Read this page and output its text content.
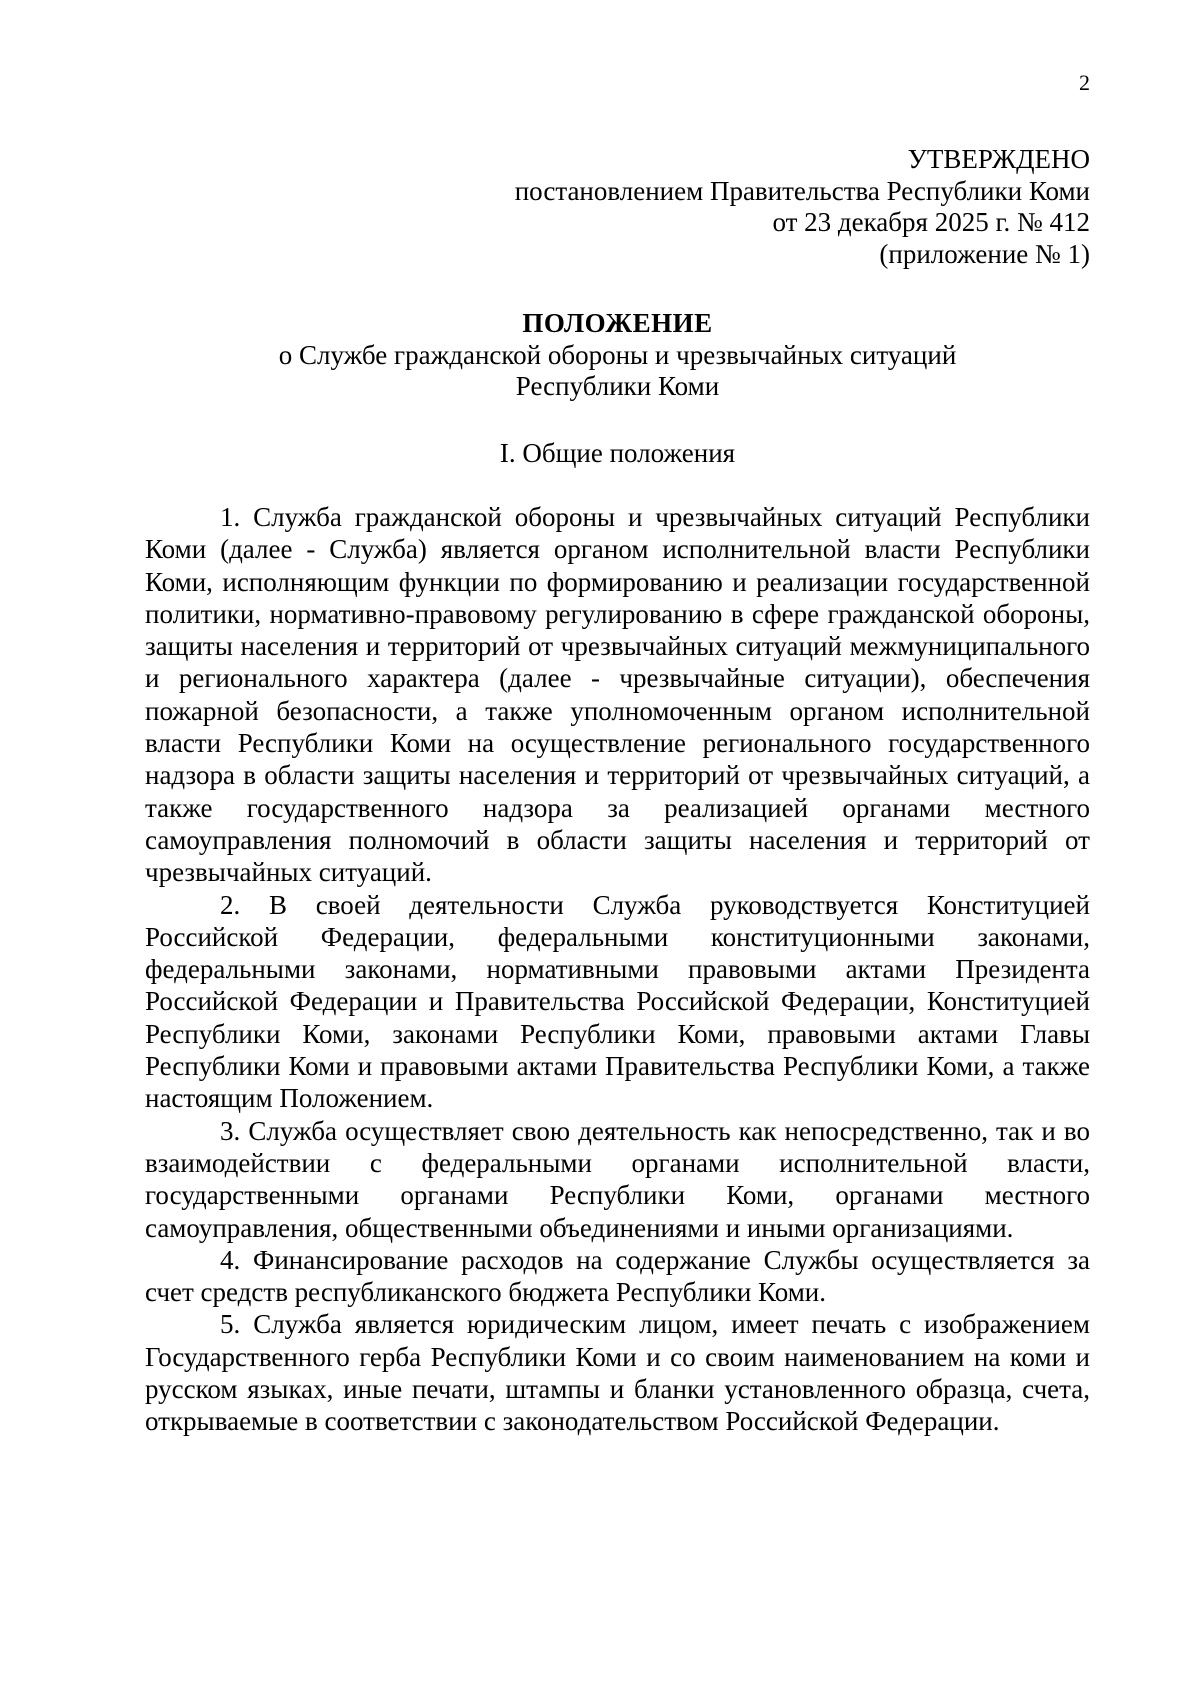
2
УТВЕРЖДЕНО
постановлением Правительства Республики Коми
от 23 декабря 2025 г. № 412
(приложение № 1)
ПОЛОЖЕНИЕ
о Службе гражданской обороны и чрезвычайных ситуаций
Республики Коми
I. Общие положения

1. Служба гражданской обороны и чрезвычайных ситуаций Республики Коми (далее - Служба) является органом исполнительной власти Республики Коми, исполняющим функции по формированию и реализации государственной политики, нормативно-правовому регулированию в сфере гражданской обороны, защиты населения и территорий от чрезвычайных ситуаций межмуниципального и регионального характера (далее - чрезвычайные ситуации), обеспечения пожарной безопасности, а также уполномоченным органом исполнительной власти Республики Коми на осуществление регионального государственного надзора в области защиты населения и территорий от чрезвычайных ситуаций, а также государственного надзора за реализацией органами местного самоуправления полномочий в области защиты населения и территорий от чрезвычайных ситуаций.

2. В своей деятельности Служба руководствуется Конституцией Российской Федерации, федеральными конституционными законами, федеральными законами, нормативными правовыми актами Президента Российской Федерации и Правительства Российской Федерации, Конституцией Республики Коми, законами Республики Коми, правовыми актами Главы Республики Коми и правовыми актами Правительства Республики Коми, а также настоящим Положением.

3. Служба осуществляет свою деятельность как непосредственно, так и во взаимодействии с федеральными органами исполнительной власти, государственными органами Республики Коми, органами местного самоуправления, общественными объединениями и иными организациями.

4. Финансирование расходов на содержание Службы осуществляется за счет средств республиканского бюджета Республики Коми.

5. Служба является юридическим лицом, имеет печать с изображением Государственного герба Республики Коми и со своим наименованием на коми и русском языках, иные печати, штампы и бланки установленного образца, счета, открываемые в соответствии с законодательством Российской Федерации.
